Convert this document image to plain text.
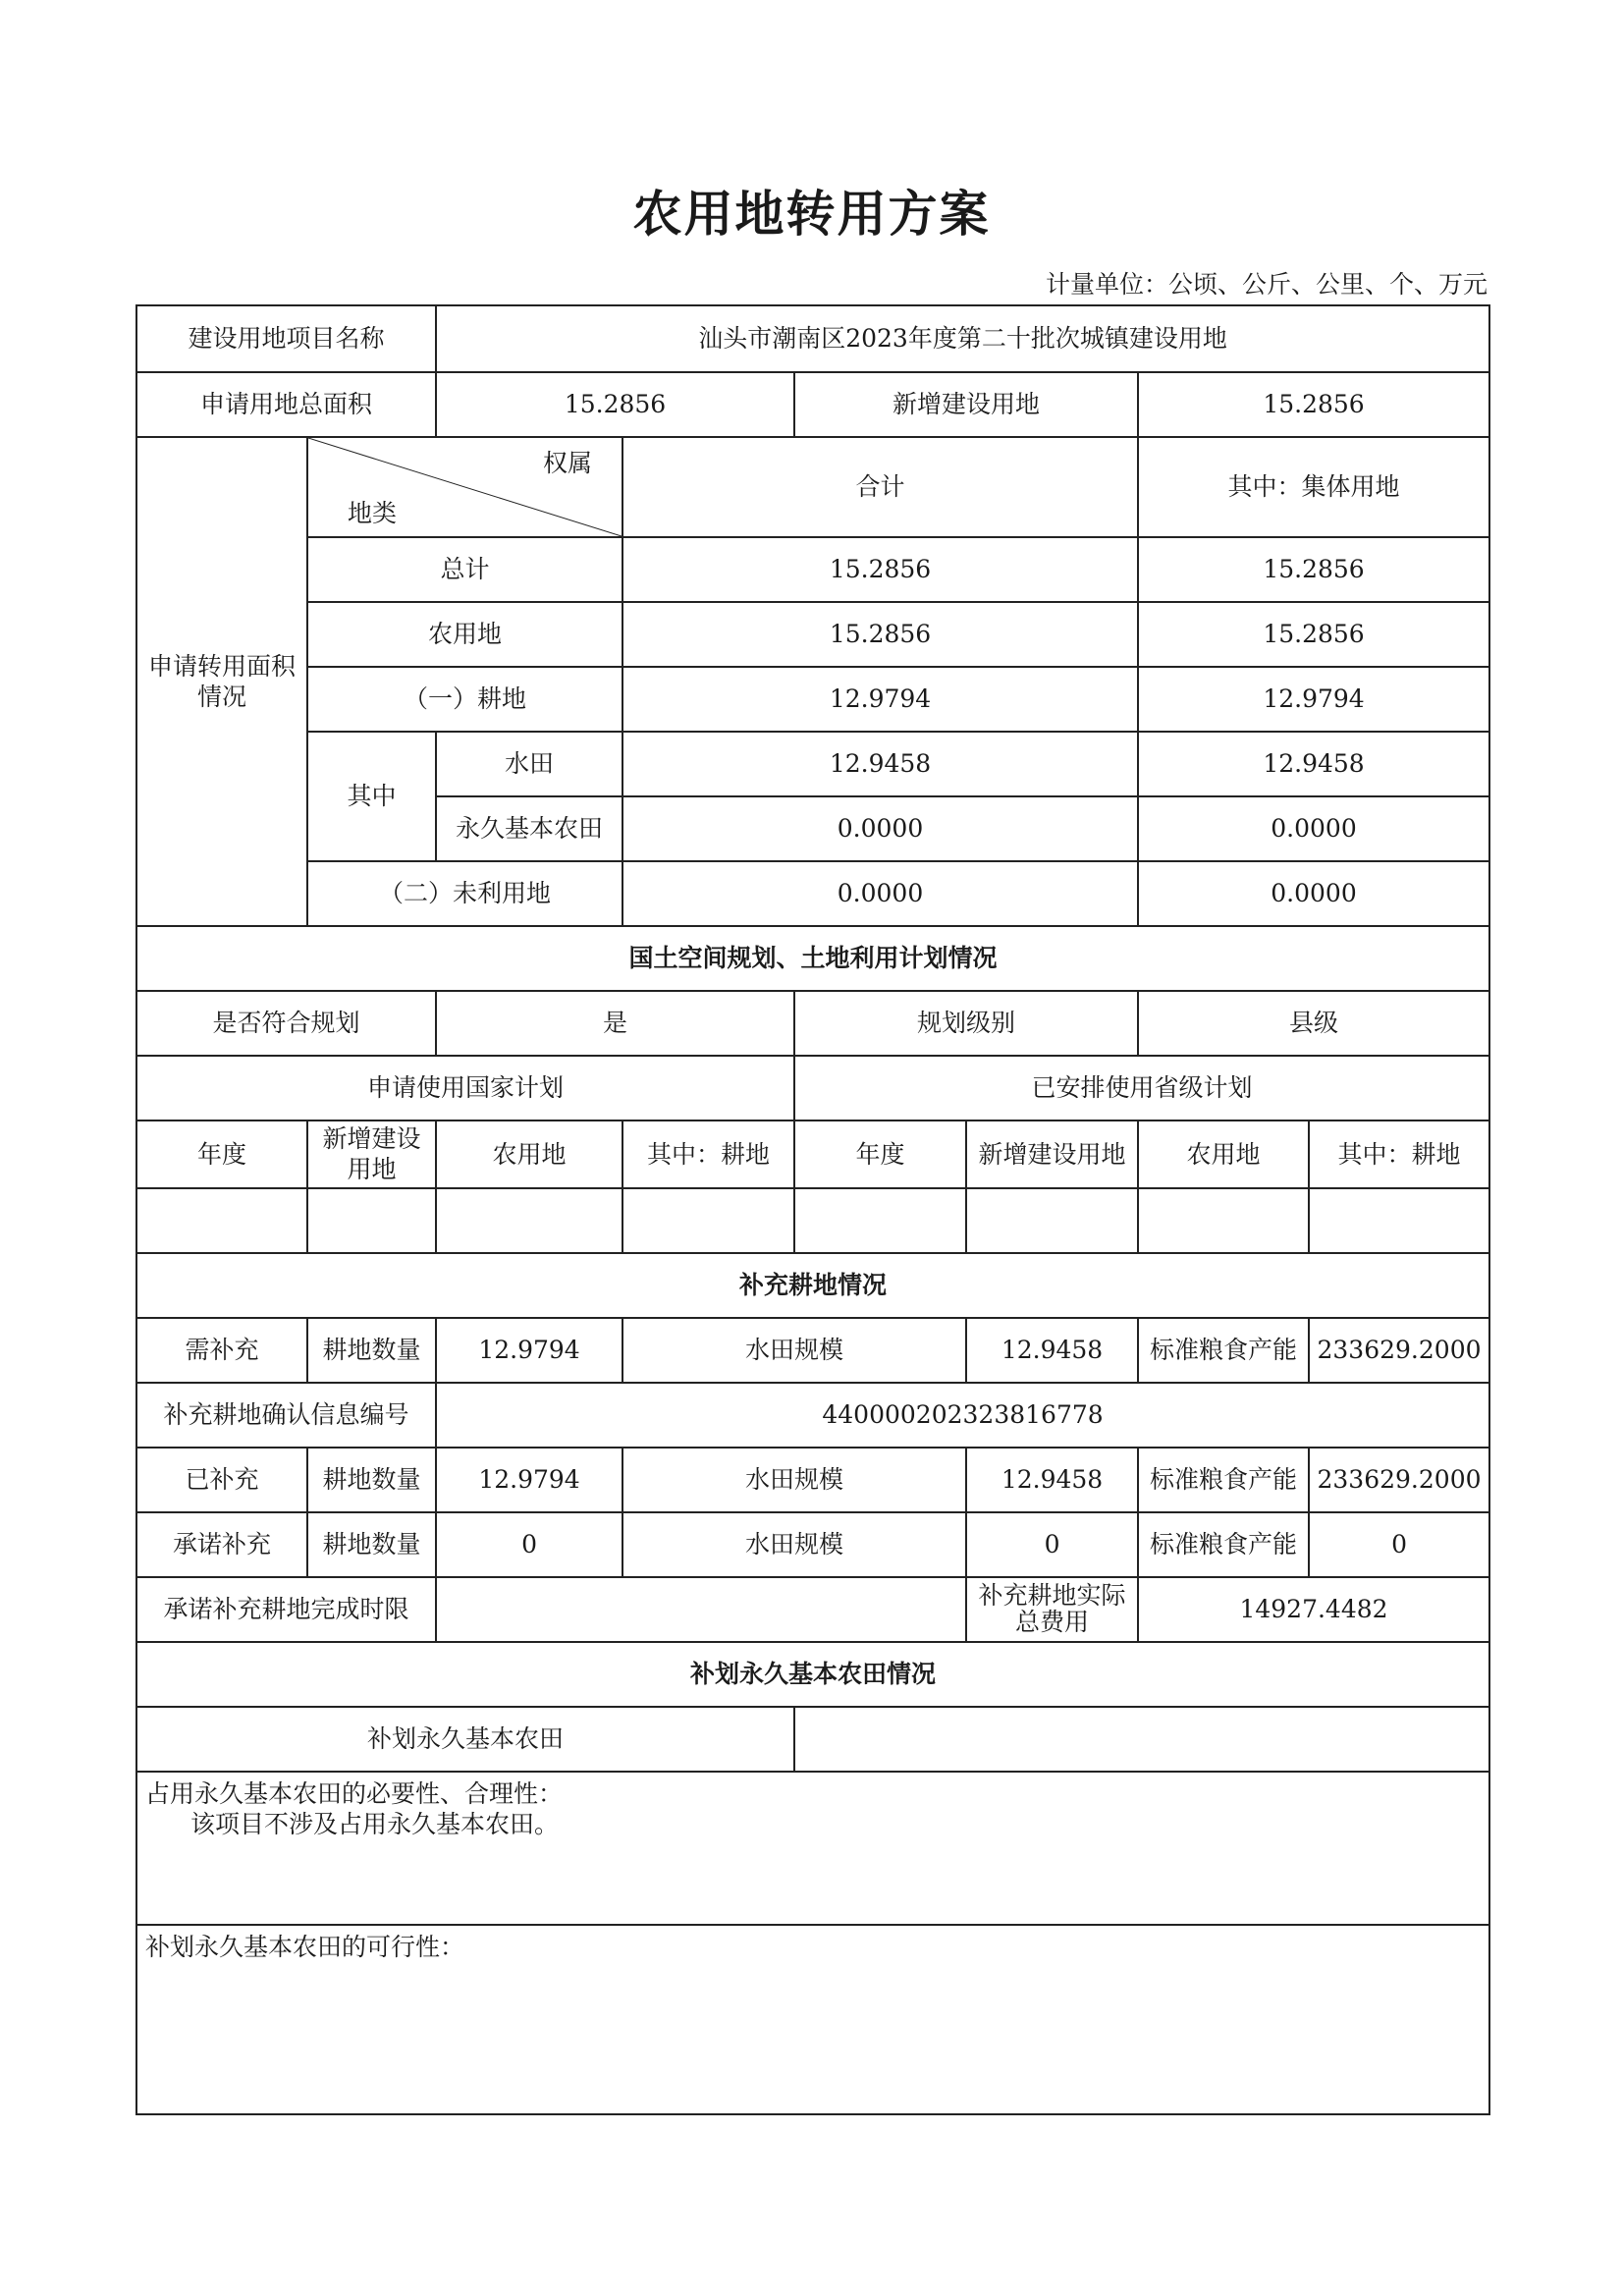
农用地转用方案
计量单位：公顷、公斤、公里、个、万元
建设用地项目名称		汕头市潮南区2023年度第二十批次城镇建设用地					
申请用地总面积		15.2856		新增建设用地		15.2856	
申请转用面积情况	权属
地类		合计			其中：集体用地	
	总计		15.2856			15.2856	
	农用地		15.2856			15.2856	
	（一）耕地		12.9794			12.9794	
	其中	水田	12.9458			12.9458	
		永久基本农田	0.0000			0.0000	
	（二）未利用地		0.0000			0.0000	
国土空间规划、土地利用计划情况							
是否符合规划		是		规划级别		县级	
申请使用国家计划				已安排使用省级计划			
年度	新增建设用地	农用地	其中：耕地	年度	新增建设用地	农用地	其中：耕地

补充耕地情况							
需补充	耕地数量	12.9794	水田规模		12.9458	标准粮食产能	233629.2000
补充耕地确认信息编号		440000202323816778					
已补充	耕地数量	12.9794	水田规模		12.9458	标准粮食产能	233629.2000
承诺补充	耕地数量	0	水田规模		0	标准粮食产能	0
承诺补充耕地完成时限					补充耕地实际总费用	14927.4482	
补划永久基本农田情况							
补划永久基本农田							
占用永久基本农田的必要性、合理性：
该项目不涉及占用永久基本农田。							

补划永久基本农田的可行性：							
